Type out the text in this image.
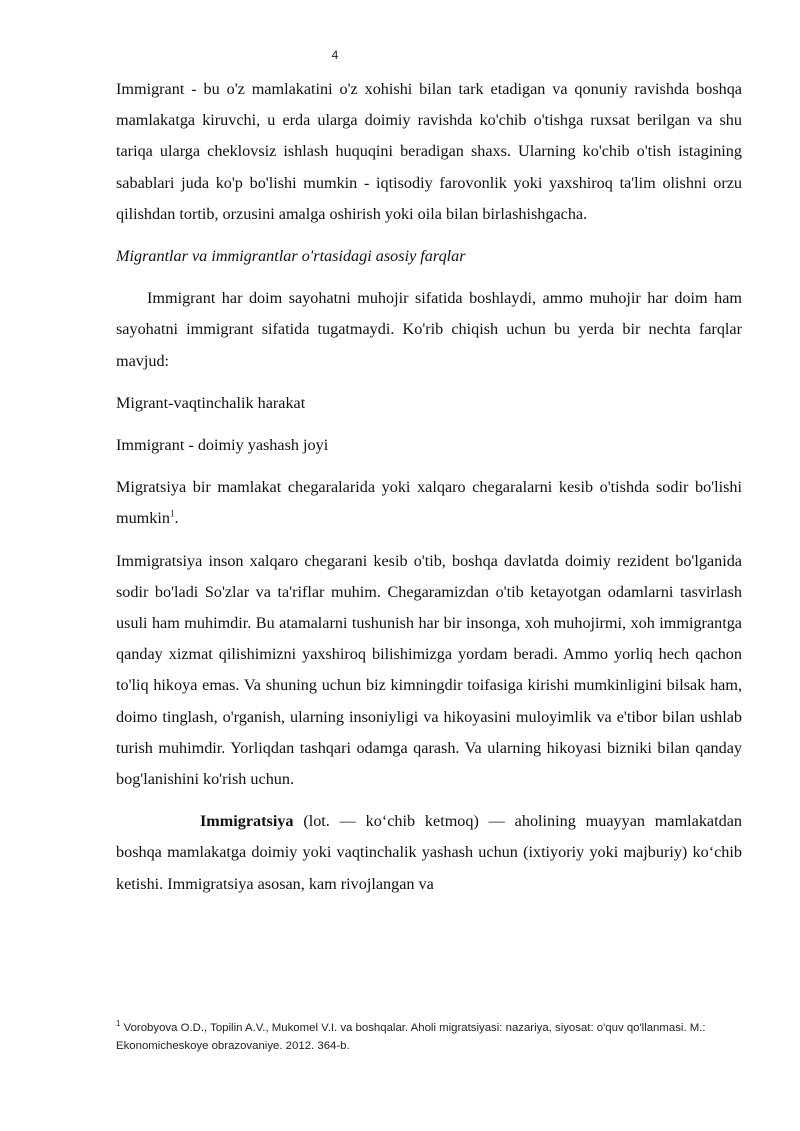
4

Immigrant - bu o'z mamlakatini o'z xohishi bilan tark etadigan va qonuniy ravishda boshqa mamlakatga kiruvchi, u erda ularga doimiy ravishda ko'chib o'tishga ruxsat berilgan va shu tariqa ularga cheklovsiz ishlash huquqini beradigan shaxs. Ularning ko'chib o'tish istagining sabablari juda ko'p bo'lishi mumkin - iqtisodiy farovonlik yoki yaxshiroq ta'lim olishni orzu qilishdan tortib, orzusini amalga oshirish yoki oila bilan birlashishgacha.

Migrantlar va immigrantlar o'rtasidagi asosiy farqlar

Immigrant har doim sayohatni muhojir sifatida boshlaydi, ammo muhojir har doim ham sayohatni immigrant sifatida tugatmaydi. Ko'rib chiqish uchun bu yerda bir nechta farqlar mavjud:

Migrant-vaqtinchalik harakat

Immigrant - doimiy yashash joyi

Migratsiya bir mamlakat chegaralarida yoki xalqaro chegaralarni kesib o'tishda sodir bo'lishi mumkin$^1$.

Immigratsiya inson xalqaro chegarani kesib o'tib, boshqa davlatda doimiy rezident bo'lganida sodir bo'ladi So'zlar va ta'riflar muhim. Chegaramizdan o'tib ketayotgan odamlarni tasvirlash usuli ham muhimdir. Bu atamalarni tushunish har bir insonga, xoh muhojirmi, xoh immigrantga qanday xizmat qilishimizni yaxshiroq bilishimizga yordam beradi. Ammo yorliq hech qachon to'liq hikoya emas. Va shuning uchun biz kimningdir toifasiga kirishi mumkinligini bilsak ham, doimo tinglash, o'rganish, ularning insoniyligi va hikoyasini muloyimlik va e'tibor bilan ushlab turish muhimdir. Yorliqdan tashqari odamga qarash. Va ularning hikoyasi bizniki bilan qanday bog'lanishini ko'rish uchun.

Immigratsiya (lot. — ko‘chib ketmoq) — aholining muayyan mamlakatdan boshqa mamlakatga doimiy yoki vaqtinchalik yashash uchun (ixtiyoriy yoki majburiy) ko‘chib ketishi. Immigratsiya asosan, kam rivojlangan va

$^1$ Vorobyova O.D., Topilin A.V., Mukomel V.I. va boshqalar. Aholi migratsiyasi: nazariya, siyosat: o'quv qo'llanmasi. M.: Ekonomicheskoye obrazovaniye. 2012. 364-b.
